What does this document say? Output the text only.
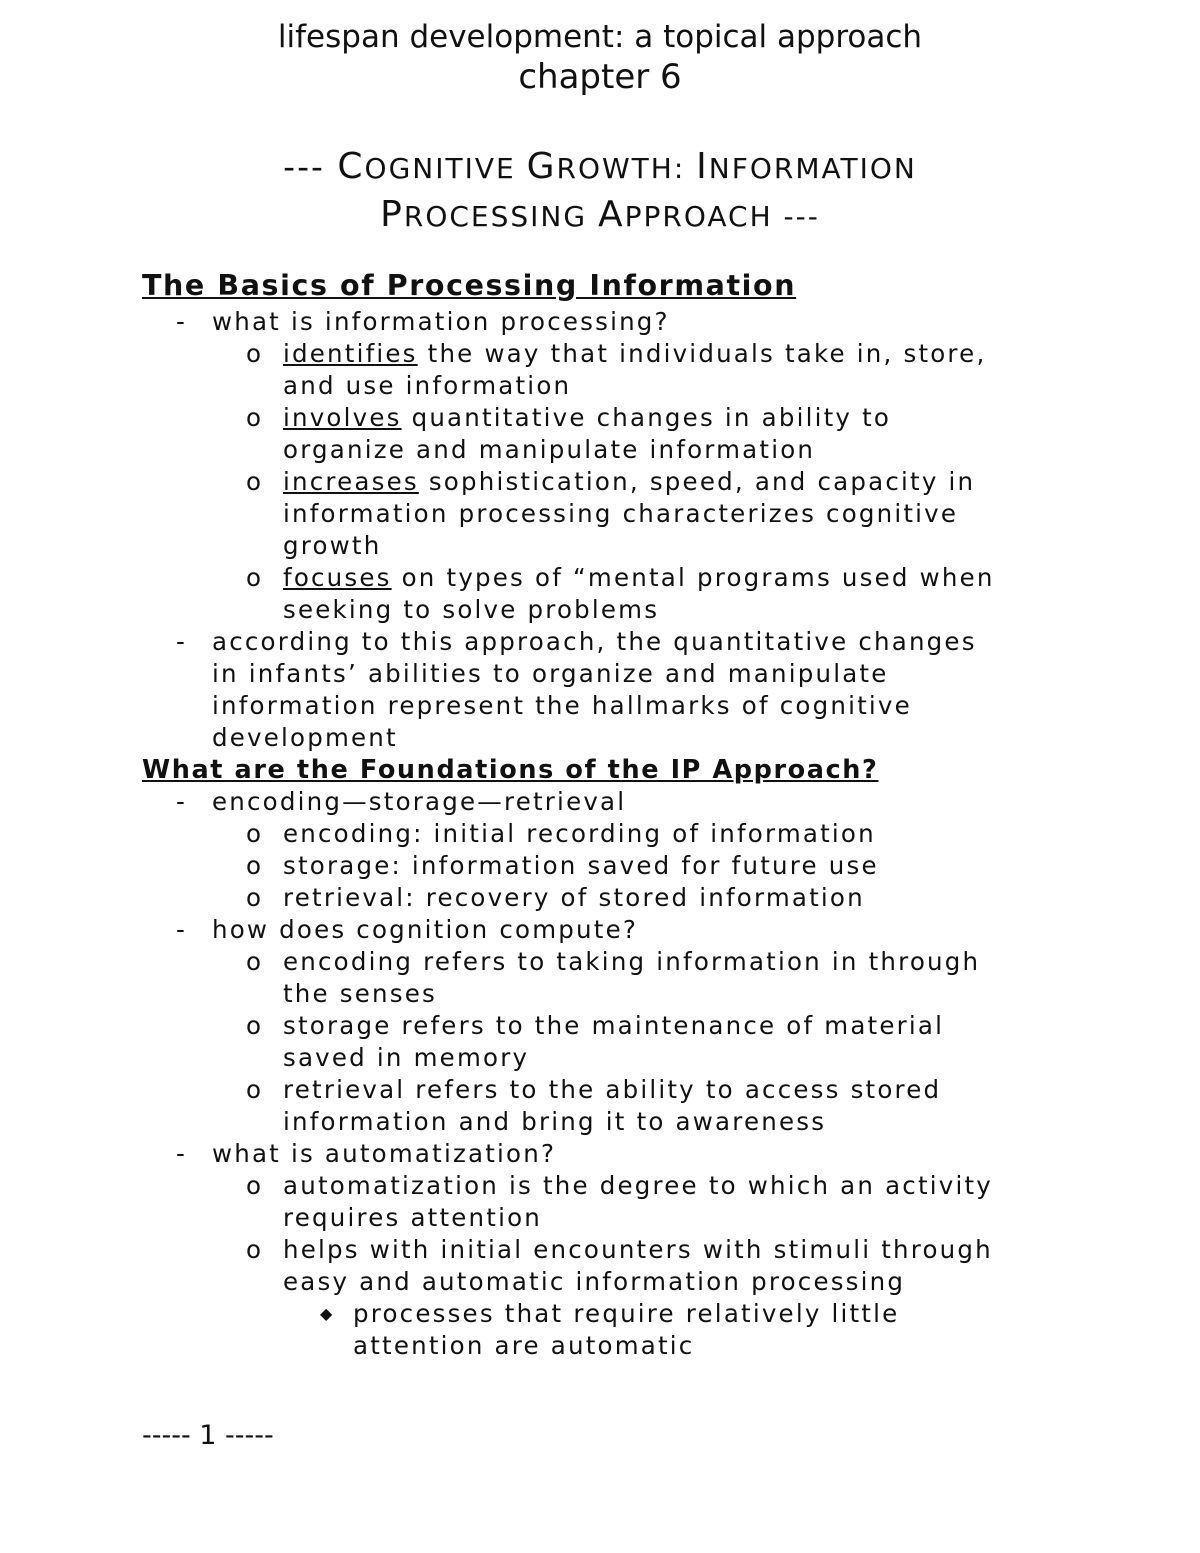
lifespan development: a topical approach
chapter 6
--- COGNITIVE GROWTH: INFORMATION
PROCESSING APPROACH ---
The Basics of Processing Information
- what is information processing?
o identifies the way that individuals take in, store,
and use information
o involves quantitative changes in ability to
organize and manipulate information
o increases sophistication, speed, and capacity in
information processing characterizes cognitive
growth
o focuses on types of “mental programs used when
seeking to solve problems
- according to this approach, the quantitative changes
in infants’ abilities to organize and manipulate
information represent the hallmarks of cognitive
development
What are the Foundations of the IP Approach?
- encoding—storage—retrieval
o encoding: initial recording of information
o storage: information saved for future use
o retrieval: recovery of stored information
- how does cognition compute?
o encoding refers to taking information in through
the senses
o storage refers to the maintenance of material
saved in memory
o retrieval refers to the ability to access stored
information and bring it to awareness
- what is automatization?
o automatization is the degree to which an activity
requires attention
o helps with initial encounters with stimuli through
easy and automatic information processing
◆ processes that require relatively little
attention are automatic
----- 1 -----
